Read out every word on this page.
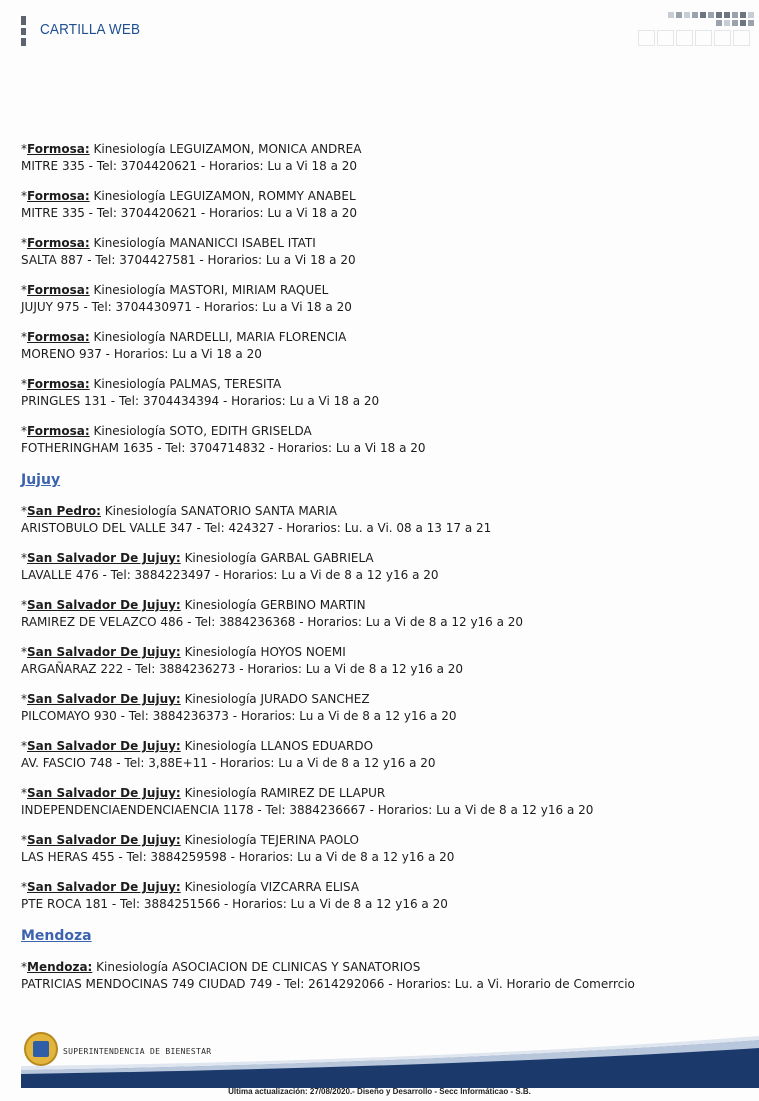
CARTILLA WEB
*Formosa: Kinesiología LEGUIZAMON, MONICA ANDREA
MITRE 335 - Tel: 3704420621 - Horarios: Lu a Vi 18 a 20
*Formosa: Kinesiología LEGUIZAMON, ROMMY ANABEL
MITRE 335 - Tel: 3704420621 - Horarios: Lu a Vi 18 a 20
*Formosa: Kinesiología MANANICCI ISABEL ITATI
SALTA 887 - Tel: 3704427581 - Horarios: Lu a Vi 18 a 20
*Formosa: Kinesiología MASTORI, MIRIAM RAQUEL
JUJUY 975 - Tel: 3704430971 - Horarios: Lu a Vi 18 a 20
*Formosa: Kinesiología NARDELLI, MARIA FLORENCIA
MORENO 937 - Horarios: Lu a Vi 18 a 20
*Formosa: Kinesiología PALMAS, TERESITA
PRINGLES 131 - Tel: 3704434394 - Horarios: Lu a Vi 18 a 20
*Formosa: Kinesiología SOTO, EDITH GRISELDA
FOTHERINGHAM 1635 - Tel: 3704714832 - Horarios: Lu a Vi 18 a 20
Jujuy
*San Pedro: Kinesiología SANATORIO SANTA MARIA
ARISTOBULO DEL VALLE 347 - Tel: 424327 - Horarios: Lu. a Vi. 08 a 13 17 a 21
*San Salvador De Jujuy: Kinesiología GARBAL GABRIELA
LAVALLE 476 - Tel: 3884223497 - Horarios: Lu a Vi de 8 a 12 y16 a 20
*San Salvador De Jujuy: Kinesiología GERBINO MARTIN
RAMIREZ DE VELAZCO 486 - Tel: 3884236368 - Horarios: Lu a Vi de 8 a 12 y16 a 20
*San Salvador De Jujuy: Kinesiología HOYOS NOEMI
ARGAÑARAZ 222 - Tel: 3884236273 - Horarios: Lu a Vi de 8 a 12 y16 a 20
*San Salvador De Jujuy: Kinesiología JURADO SANCHEZ
PILCOMAYO 930 - Tel: 3884236373 - Horarios: Lu a Vi de 8 a 12 y16 a 20
*San Salvador De Jujuy: Kinesiología LLANOS EDUARDO
AV. FASCIO 748 - Tel: 3,88E+11 - Horarios: Lu a Vi de 8 a 12 y16 a 20
*San Salvador De Jujuy: Kinesiología RAMIREZ DE LLAPUR
INDEPENDENCIAENDENCIAENCIA 1178 - Tel: 3884236667 - Horarios: Lu a Vi de 8 a 12 y16 a 20
*San Salvador De Jujuy: Kinesiología TEJERINA PAOLO
LAS HERAS 455 - Tel: 3884259598 - Horarios: Lu a Vi de 8 a 12 y16 a 20
*San Salvador De Jujuy: Kinesiología VIZCARRA ELISA
PTE ROCA 181 - Tel: 3884251566 - Horarios: Lu a Vi de 8 a 12 y16 a 20
Mendoza
*Mendoza: Kinesiología ASOCIACION DE CLINICAS Y SANATORIOS
PATRICIAS MENDOCINAS 749 CIUDAD 749 - Tel: 2614292066 - Horarios: Lu. a Vi. Horario de Comerrcio
SUPERINTENDENCIA DE BIENESTAR
Ultima actualización: 27/08/2020.- Diseño y Desarrollo - Secc Informáticao - S.B.
